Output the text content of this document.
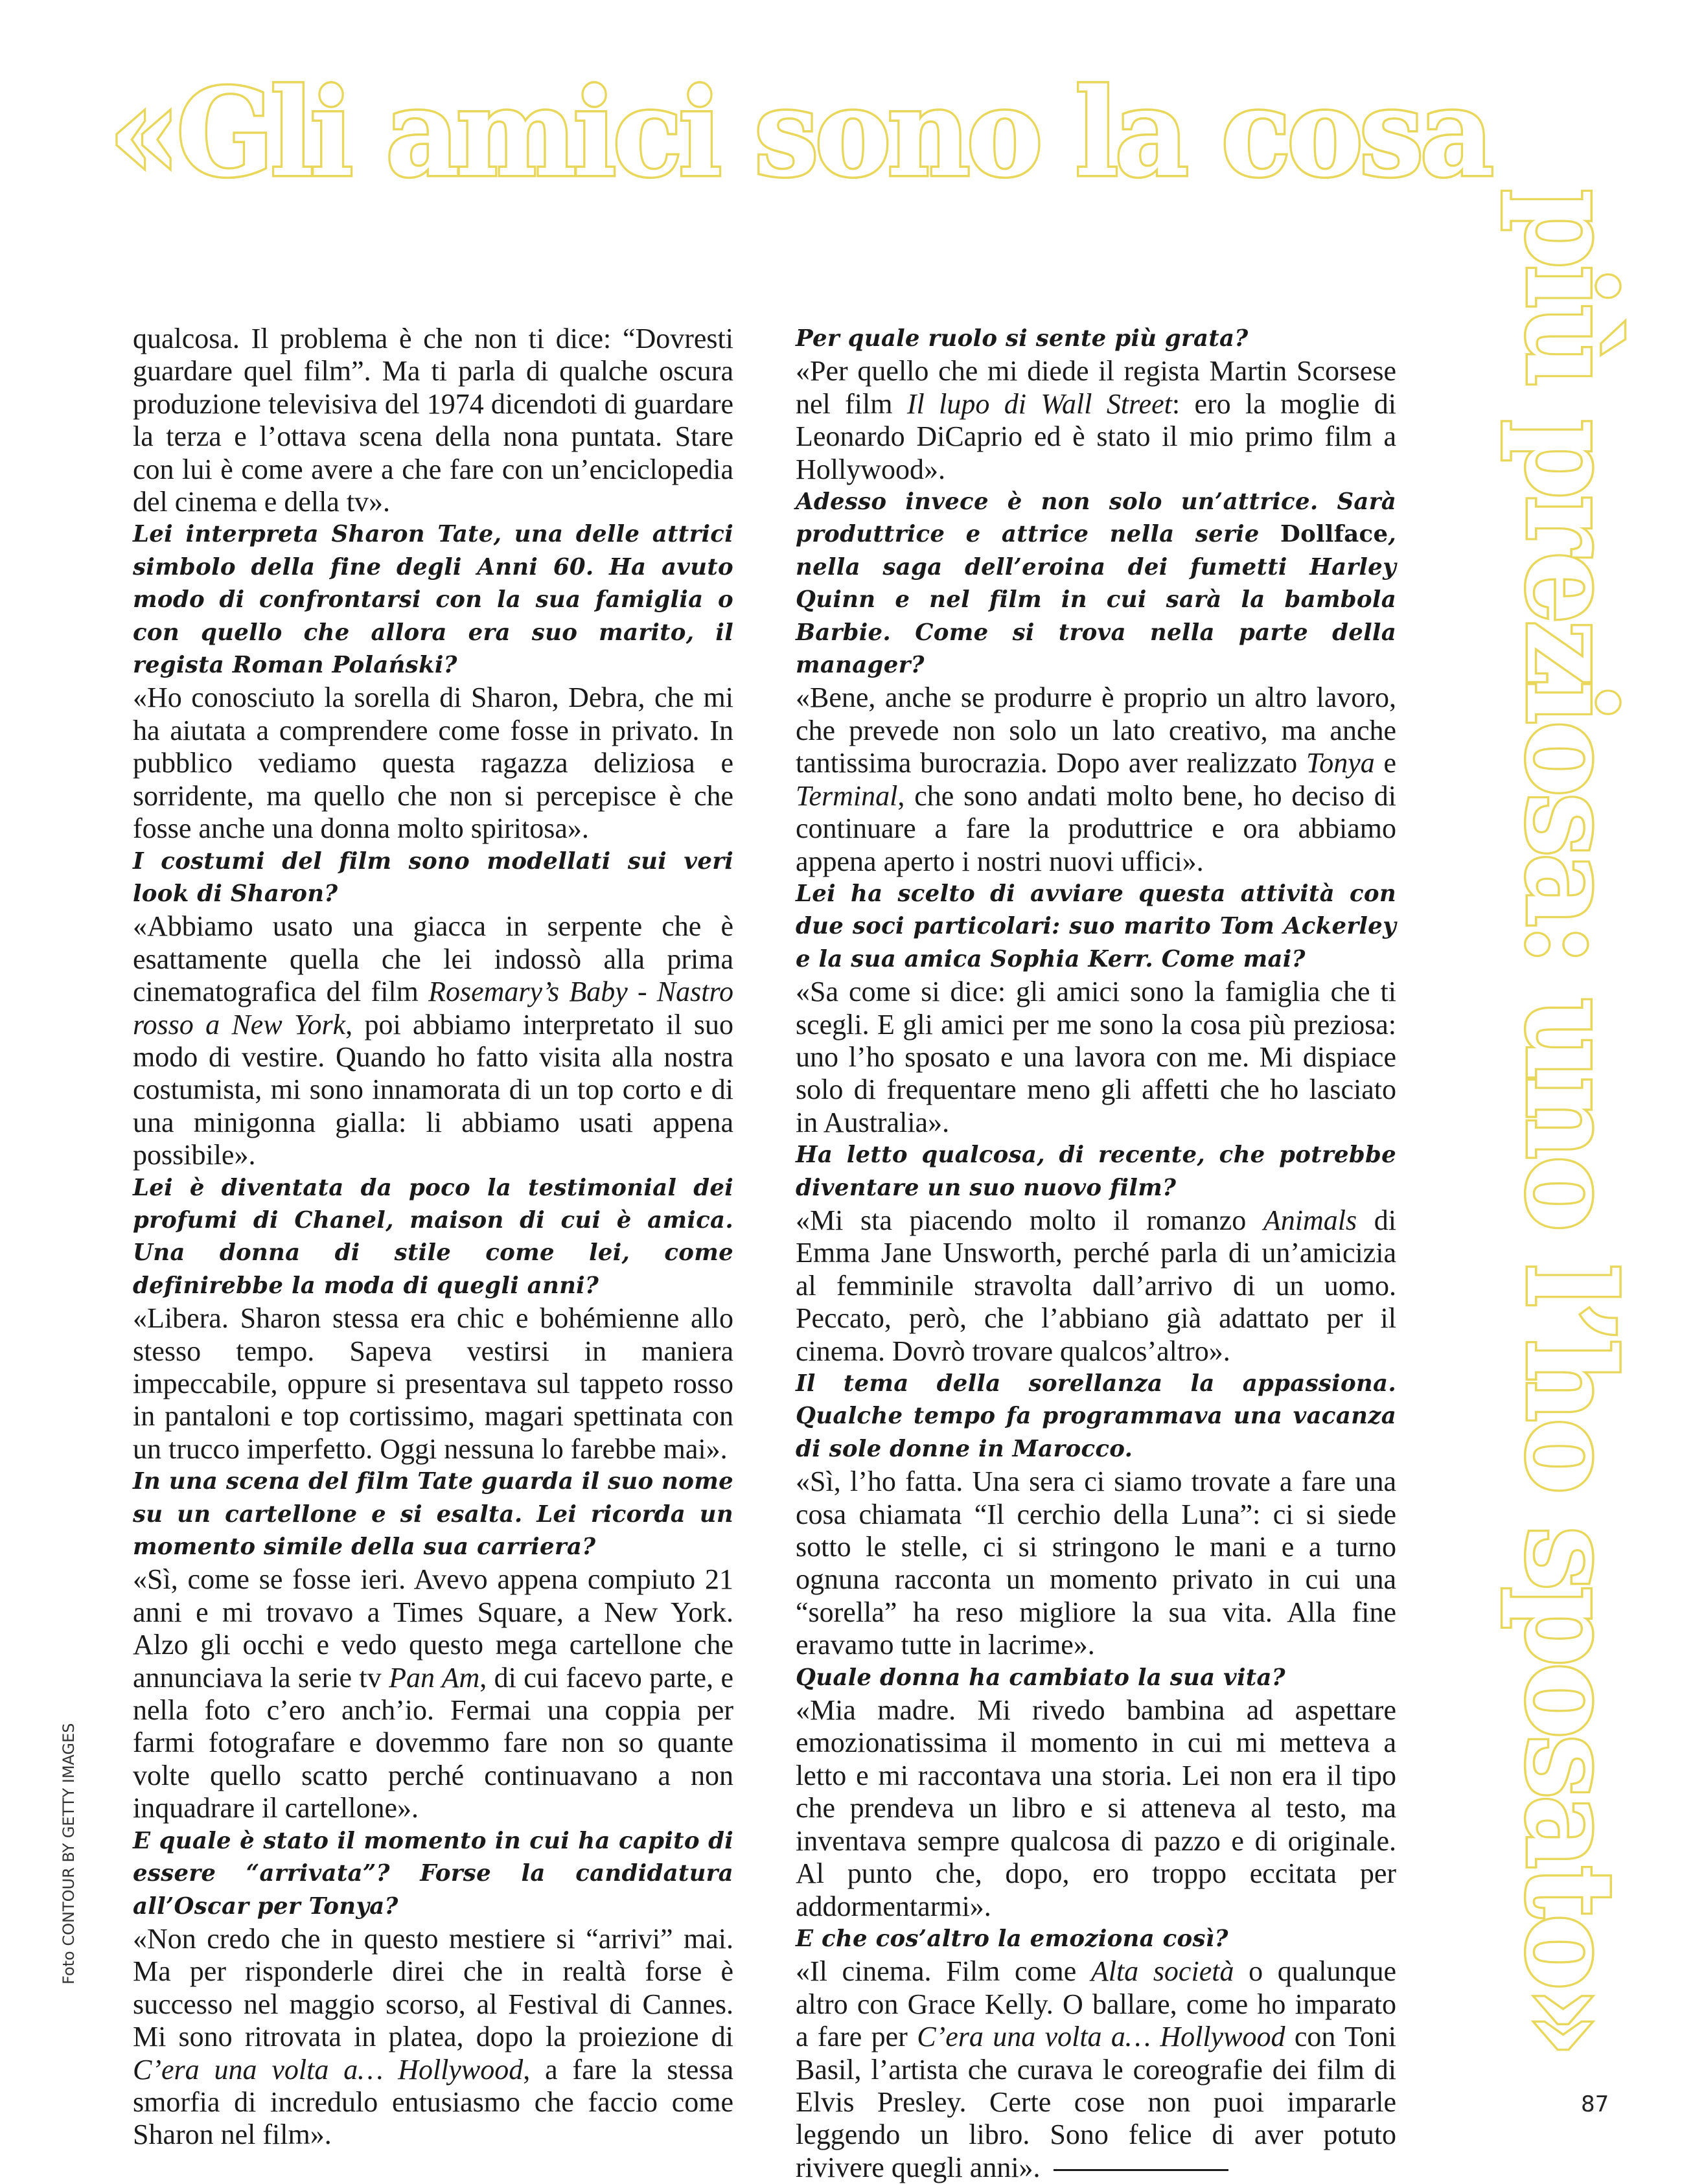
«Gli amici sono la cosa
più preziosa: uno l’ho sposato»

qualcosa. Il problema è che non ti dice: “Dovresti guardare quel film”. Ma ti parla di qualche oscura produzione televisiva del 1974 dicendoti di guardare la terza e l’ottava scena della nona puntata. Stare con lui è come avere a che fare con un’enciclopedia del cinema e della tv».

Lei interpreta Sharon Tate, una delle attrici simbolo della fine degli Anni 60. Ha avuto modo di confrontarsi con la sua famiglia o con quello che allora era suo marito, il regista Roman Polański?

«Ho conosciuto la sorella di Sharon, Debra, che mi ha aiutata a comprendere come fosse in privato. In pubblico vediamo questa ragazza deliziosa e sorridente, ma quello che non si percepisce è che fosse anche una donna molto spiritosa».

I costumi del film sono modellati sui veri look di Sharon?

«Abbiamo usato una giacca in serpente che è esattamente quella che lei indossò alla prima cinematografica del film Rosemary’s Baby - Nastro rosso a New York, poi abbiamo interpretato il suo modo di vestire. Quando ho fatto visita alla nostra costumista, mi sono innamorata di un top corto e di una minigonna gialla: li abbiamo usati appena possibile».

Lei è diventata da poco la testimonial dei profumi di Chanel, maison di cui è amica. Una donna di stile come lei, come definirebbe la moda di quegli anni?

«Libera. Sharon stessa era chic e bohémienne allo stesso tempo. Sapeva vestirsi in maniera impeccabile, oppure si presentava sul tappeto rosso in pantaloni e top cortissimo, magari spettinata con un trucco imperfetto. Oggi nessuna lo farebbe mai».

In una scena del film Tate guarda il suo nome su un cartellone e si esalta. Lei ricorda un momento simile della sua carriera?

«Sì, come se fosse ieri. Avevo appena compiuto 21 anni e mi trovavo a Times Square, a New York. Alzo gli occhi e vedo questo mega cartellone che annunciava la serie tv Pan Am, di cui facevo parte, e nella foto c’ero anch’io. Fermai una coppia per farmi fotografare e dovemmo fare non so quante volte quello scatto perché continuavano a non inquadrare il cartellone».

E quale è stato il momento in cui ha capito di essere “arrivata”? Forse la candidatura all’Oscar per Tonya?

«Non credo che in questo mestiere si “arrivi” mai. Ma per risponderle direi che in realtà forse è successo nel maggio scorso, al Festival di Cannes. Mi sono ritrovata in platea, dopo la proiezione di C’era una volta a… Hollywood, a fare la stessa smorfia di incredulo entusiasmo che faccio come Sharon nel film».

Per quale ruolo si sente più grata?

«Per quello che mi diede il regista Martin Scorsese nel film Il lupo di Wall Street: ero la moglie di Leonardo DiCaprio ed è stato il mio primo film a Hollywood».

Adesso invece è non solo un’attrice. Sarà produttrice e attrice nella serie Dollface, nella saga dell’eroina dei fumetti Harley Quinn e nel film in cui sarà la bambola Barbie. Come si trova nella parte della manager?

«Bene, anche se produrre è proprio un altro lavoro, che prevede non solo un lato creativo, ma anche tantissima burocrazia. Dopo aver realizzato Tonya e Terminal, che sono andati molto bene, ho deciso di continuare a fare la produttrice e ora abbiamo appena aperto i nostri nuovi uffici».

Lei ha scelto di avviare questa attività con due soci particolari: suo marito Tom Ackerley e la sua amica Sophia Kerr. Come mai?

«Sa come si dice: gli amici sono la famiglia che ti scegli. E gli amici per me sono la cosa più preziosa: uno l’ho sposato e una lavora con me. Mi dispiace solo di frequentare meno gli affetti che ho lasciato in Australia».

Ha letto qualcosa, di recente, che potrebbe diventare un suo nuovo film?

«Mi sta piacendo molto il romanzo Animals di Emma Jane Unsworth, perché parla di un’amicizia al femminile stravolta dall’arrivo di un uomo. Peccato, però, che l’abbiano già adattato per il cinema. Dovrò trovare qualcos’altro».

Il tema della sorellanza la appassiona. Qualche tempo fa programmava una vacanza di sole donne in Marocco.

«Sì, l’ho fatta. Una sera ci siamo trovate a fare una cosa chiamata “Il cerchio della Luna”: ci si siede sotto le stelle, ci si stringono le mani e a turno ognuna racconta un momento privato in cui una “sorella” ha reso migliore la sua vita. Alla fine eravamo tutte in lacrime».

Quale donna ha cambiato la sua vita?

«Mia madre. Mi rivedo bambina ad aspettare emozionatissima il momento in cui mi metteva a letto e mi raccontava una storia. Lei non era il tipo che prendeva un libro e si atteneva al testo, ma inventava sempre qualcosa di pazzo e di originale. Al punto che, dopo, ero troppo eccitata per addormentarmi».

E che cos’altro la emoziona così?

«Il cinema. Film come Alta società o qualunque altro con Grace Kelly. O ballare, come ho imparato a fare per C’era una volta a… Hollywood con Toni Basil, l’artista che curava le coreografie dei film di Elvis Presley. Certe cose non puoi impararle leggendo un libro. Sono felice di aver potuto rivivere quegli anni».

Foto CONTOUR BY GETTY IMAGES
87
